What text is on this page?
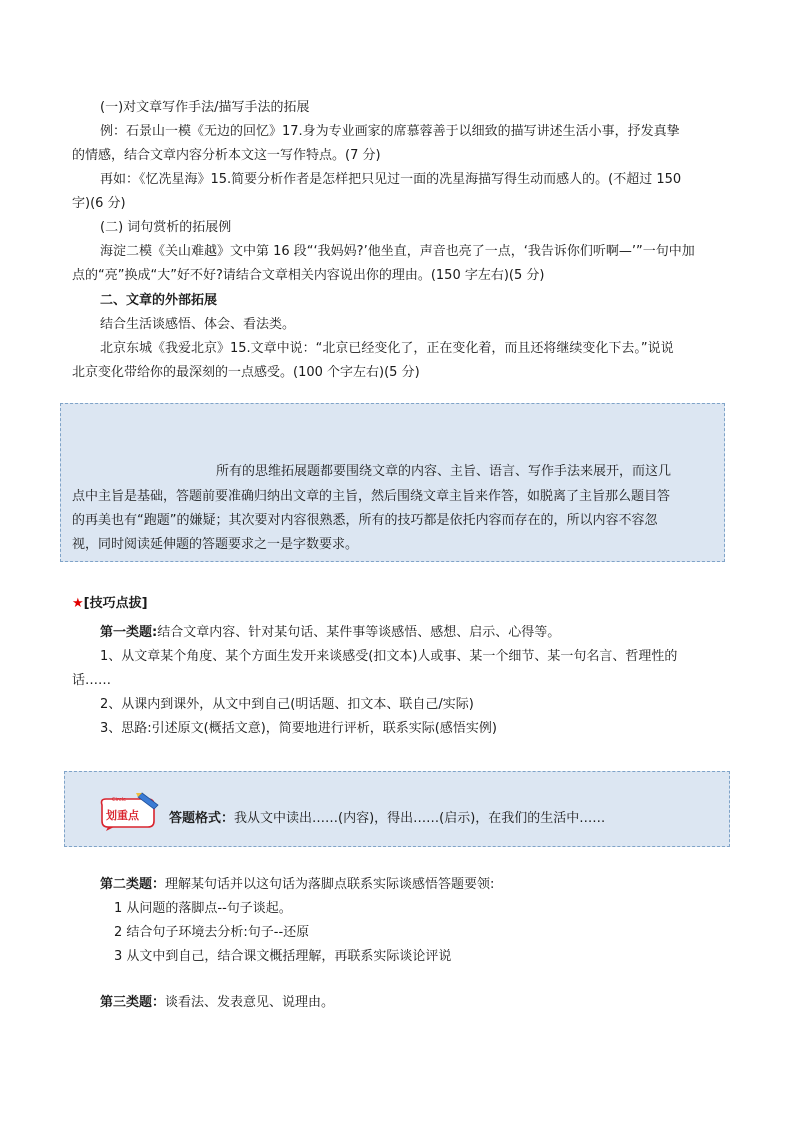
(一)对文章写作手法/描写手法的拓展
例：石景山一模《无边的回忆》17.身为专业画家的席慕蓉善于以细致的描写讲述生活小事，抒发真挚
的情感，结合文章内容分析本文这一写作特点。(7 分)
再如：《忆冼星海》15.简要分析作者是怎样把只见过一面的冼星海描写得生动而感人的。(不超过 150
字)(6 分)
(二) 词句赏析的拓展例
海淀二模《关山难越》文中第 16 段“‘我妈妈?’他坐直，声音也亮了一点，‘我告诉你们听啊—’”一句中加
点的“亮”换成“大”好不好?请结合文章相关内容说出你的理由。(150 字左右)(5 分)
二、文章的外部拓展
结合生活谈感悟、体会、看法类。
北京东城《我爱北京》15.文章中说：“北京已经变化了，正在变化着，而且还将继续变化下去。”说说
北京变化带给你的最深刻的一点感受。(100 个字左右)(5 分)
所有的思维拓展题都要围绕文章的内容、主旨、语言、写作手法来展开，而这几
点中主旨是基础，答题前要准确归纳出文章的主旨，然后围绕文章主旨来作答，如脱离了主旨那么题目答
的再美也有“跑题”的嫌疑；其次要对内容很熟悉，所有的技巧都是依托内容而存在的，所以内容不容忽
视，同时阅读延伸题的答题要求之一是字数要求。
★[技巧点拔]
第一类题:结合文章内容、针对某句话、某件事等谈感悟、感想、启示、心得等。
1、从文章某个角度、某个方面生发开来谈感受(扣文本)人或事、某一个细节、某一句名言、哲理性的
话……
2、从课内到课外，从文中到自己(明话题、扣文本、联自己/实际)
3、思路:引述原文(概括文意)，简要地进行评析，联系实际(感悟实例)
Circle
划重点 答题格式：我从文中读出……(内容)，得出……(启示)，在我们的生活中……
第二类题：理解某句话并以这句话为落脚点联系实际谈感悟答题要领:
1 从问题的落脚点--句子谈起。
2 结合句子环境去分析:句子--还原
3 从文中到自己，结合课文概括理解，再联系实际谈论评说
第三类题：谈看法、发表意见、说理由。
